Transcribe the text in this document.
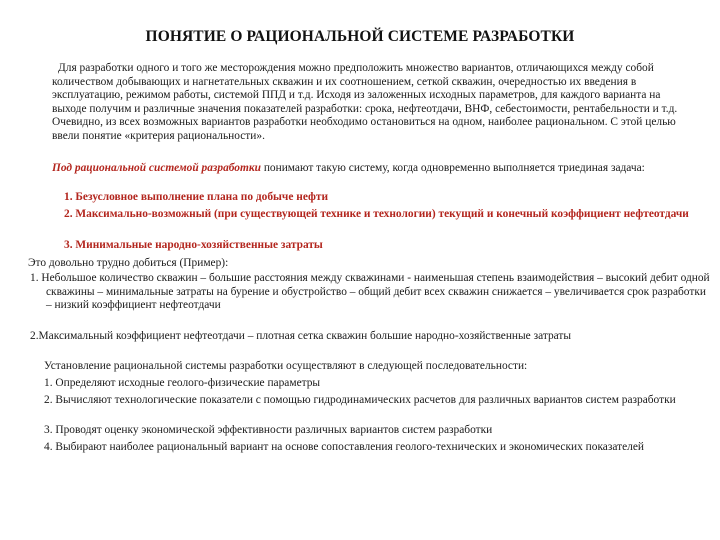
ПОНЯТИЕ О РАЦИОНАЛЬНОЙ СИСТЕМЕ РАЗРАБОТКИ

Для разработки одного и того же месторождения можно предположить множество вариантов, отличающихся между собой количеством добывающих и нагнетательных скважин и их соотношением, сеткой скважин, очередностью их введения в эксплуатацию, режимом работы, системой ППД и т.д. Исходя из заложенных исходных параметров, для каждого варианта на выходе получим и различные значения показателей разработки: срока, нефтеотдачи, ВНФ, себестоимости, рентабельности и т.д. Очевидно, из всех возможных вариантов разработки необходимо остановиться на одном, наиболее рациональном. С этой целью ввели понятие «критерия рациональности».

Под рациональной системой разработки понимают такую систему, когда одновременно выполняется триединая задача:

1. Безусловное выполнение плана по добыче нефти

2. Максимально-возможный (при существующей технике и технологии) текущий и конечный коэффициент нефтеотдачи

3. Минимальные народно-хозяйственные затраты

Это довольно трудно добиться (Пример):

1. Небольшое количество скважин – большие расстояния между скважинами - наименьшая степень взаимодействия – высокий дебит одной скважины – минимальные затраты на бурение и обустройство – общий дебит всех скважин снижается – увеличивается срок разработки – низкий коэффициент нефтеотдачи

2.Максимальный коэффициент нефтеотдачи – плотная сетка скважин большие народно-хозяйственные затраты

Установление рациональной системы разработки осуществляют в следующей последовательности:

1. Определяют исходные геолого-физические параметры

2. Вычисляют технологические показатели с помощью гидродинамических расчетов для различных вариантов систем разработки

3. Проводят оценку экономической эффективности различных вариантов систем разработки

4. Выбирают наиболее рациональный вариант на основе сопоставления геолого-технических и экономических показателей
